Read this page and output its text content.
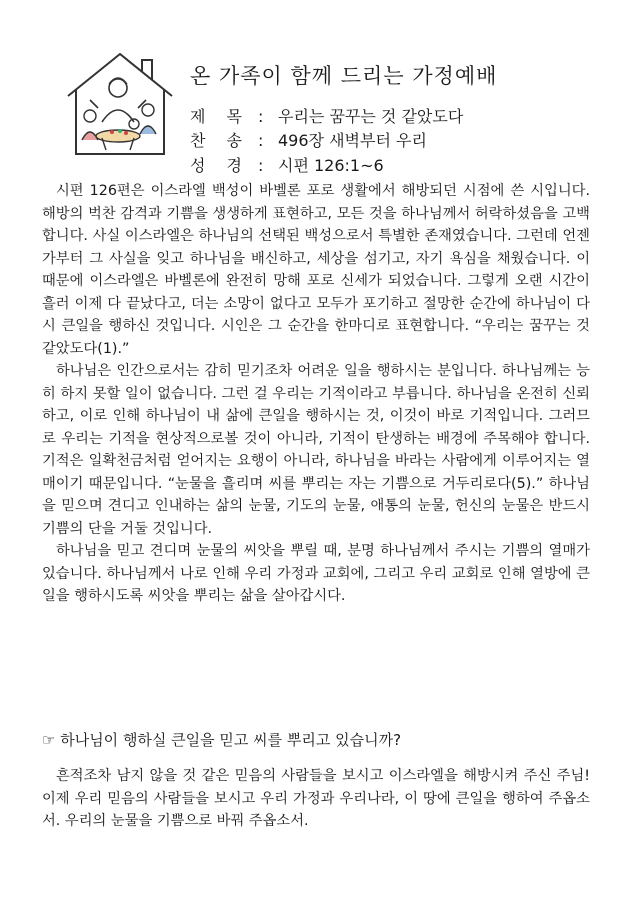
온 가족이 함께 드리는 가정예배
제 목 : 우리는 꿈꾸는 것 같았도다
찬 송 : 496장 새벽부터 우리
성 경 : 시편 126:1~6

시편 126편은 이스라엘 백성이 바벨론 포로 생활에서 해방되던 시점에 쓴 시입니다. 해방의 벅찬 감격과 기쁨을 생생하게 표현하고, 모든 것을 하나님께서 허락하셨음을 고백합니다. 사실 이스라엘은 하나님의 선택된 백성으로서 특별한 존재였습니다. 그런데 언젠가부터 그 사실을 잊고 하나님을 배신하고, 세상을 섬기고, 자기 욕심을 채웠습니다. 이 때문에 이스라엘은 바벨론에 완전히 망해 포로 신세가 되었습니다. 그렇게 오랜 시간이 흘러 이제 다 끝났다고, 더는 소망이 없다고 모두가 포기하고 절망한 순간에 하나님이 다시 큰일을 행하신 것입니다. 시인은 그 순간을 한마디로 표현합니다. “우리는 꿈꾸는 것 같았도다(1).”

하나님은 인간으로서는 감히 믿기조차 어려운 일을 행하시는 분입니다. 하나님께는 능히 하지 못할 일이 없습니다. 그런 걸 우리는 기적이라고 부릅니다. 하나님을 온전히 신뢰하고, 이로 인해 하나님이 내 삶에 큰일을 행하시는 것, 이것이 바로 기적입니다. 그러므로 우리는 기적을 현상적으로볼 것이 아니라, 기적이 탄생하는 배경에 주목해야 합니다. 기적은 일확천금처럼 얻어지는 요행이 아니라, 하나님을 바라는 사람에게 이루어지는 열매이기 때문입니다. “눈물을 흘리며 씨를 뿌리는 자는 기쁨으로 거두리로다(5).” 하나님을 믿으며 견디고 인내하는 삶의 눈물, 기도의 눈물, 애통의 눈물, 헌신의 눈물은 반드시 기쁨의 단을 거둘 것입니다.

하나님을 믿고 견디며 눈물의 씨앗을 뿌릴 때, 분명 하나님께서 주시는 기쁨의 열매가 있습니다. 하나님께서 나로 인해 우리 가정과 교회에, 그리고 우리 교회로 인해 열방에 큰일을 행하시도록 씨앗을 뿌리는 삶을 살아갑시다.

☞ 하나님이 행하실 큰일을 믿고 씨를 뿌리고 있습니까?

흔적조차 남지 않을 것 같은 믿음의 사람들을 보시고 이스라엘을 해방시켜 주신 주님! 이제 우리 믿음의 사람들을 보시고 우리 가정과 우리나라, 이 땅에 큰일을 행하여 주옵소서. 우리의 눈물을 기쁨으로 바꿔 주옵소서.
